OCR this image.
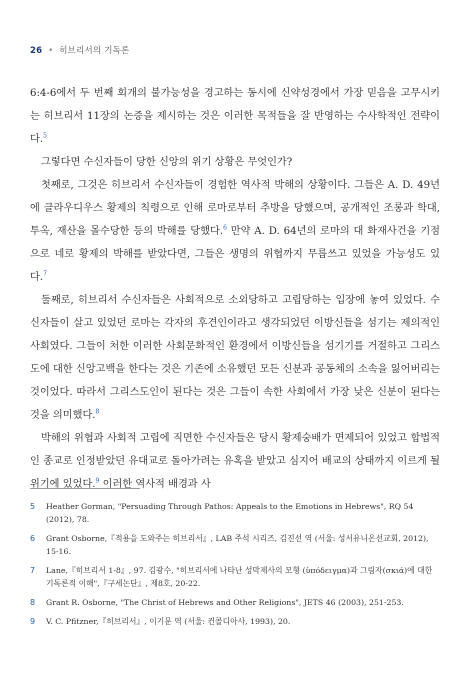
26 • 히브리서의 기독론

6:4-6에서 두 번째 회개의 불가능성을 경고하는 동시에 신약성경에서 가장 믿음을 고무시키는 히브리서 11장의 논증을 제시하는 것은 이러한 목적들을 잘 반영하는 수사학적인 전략이다.$^5$

그렇다면 수신자들이 당한 신앙의 위기 상황은 무엇인가?

첫째로, 그것은 히브리서 수신자들이 경험한 역사적 박해의 상황이다. 그들은 A. D. 49년에 클라우디우스 황제의 칙령으로 인해 로마로부터 추방을 당했으며, 공개적인 조롱과 학대, 투옥, 재산을 몰수당한 등의 박해를 당했다.$^6$ 만약 A. D. 64년의 로마의 대 화재사건을 기점으로 네로 황제의 박해를 받았다면, 그들은 생명의 위협까지 무릅쓰고 있었을 가능성도 있다.$^7$

둘째로, 히브리서 수신자들은 사회적으로 소외당하고 고립당하는 입장에 놓여 있었다. 수신자들이 살고 있었던 로마는 각자의 후견인이라고 생각되었던 이방신들을 섬기는 제의적인 사회였다. 그들이 처한 이러한 사회문화적인 환경에서 이방신들을 섬기기를 거절하고 그리스도에 대한 신앙고백을 한다는 것은 기존에 소유했던 모든 신분과 공동체의 소속을 잃어버리는 것이었다. 따라서 그리스도인이 된다는 것은 그들이 속한 사회에서 가장 낮은 신분이 된다는 것을 의미했다.$^8$

박해의 위협과 사회적 고립에 직면한 수신자들은 당시 황제숭배가 면제되어 있었고 합법적인 종교로 인정받았던 유대교로 돌아가려는 유혹을 받았고 심지어 배교의 상태까지 이르게 될 위기에 있었다.$^9$ 이러한 역사적 배경과 사

5	Heather Gorman, "Persuading Through Pathos: Appeals to the Emotions in Hebrews", RQ 54 (2012), 78.
6	Grant Osborne,『적용을 도와주는 히브리서』, LAB 주석 시리즈, 김진선 역 (서울: 성서유니온선교회, 2012), 15-16.
7	Lane,『히브리서 1-8』, 97. 김광수, "히브리서에 나타난 성막제사의 모형 (ὑπόδειγμα)과 그림자(σκιά)에 대한 기독론적 이해",『구세논단』, 제8호, 20-22.
8	Grant R. Osborne, "The Christ of Hebrews and Other Religions", JETS 46 (2003), 251-253.
9	V. C. Pfitzner,『히브리서』, 이기문 역 (서울: 컨콜디아사, 1993), 20.
